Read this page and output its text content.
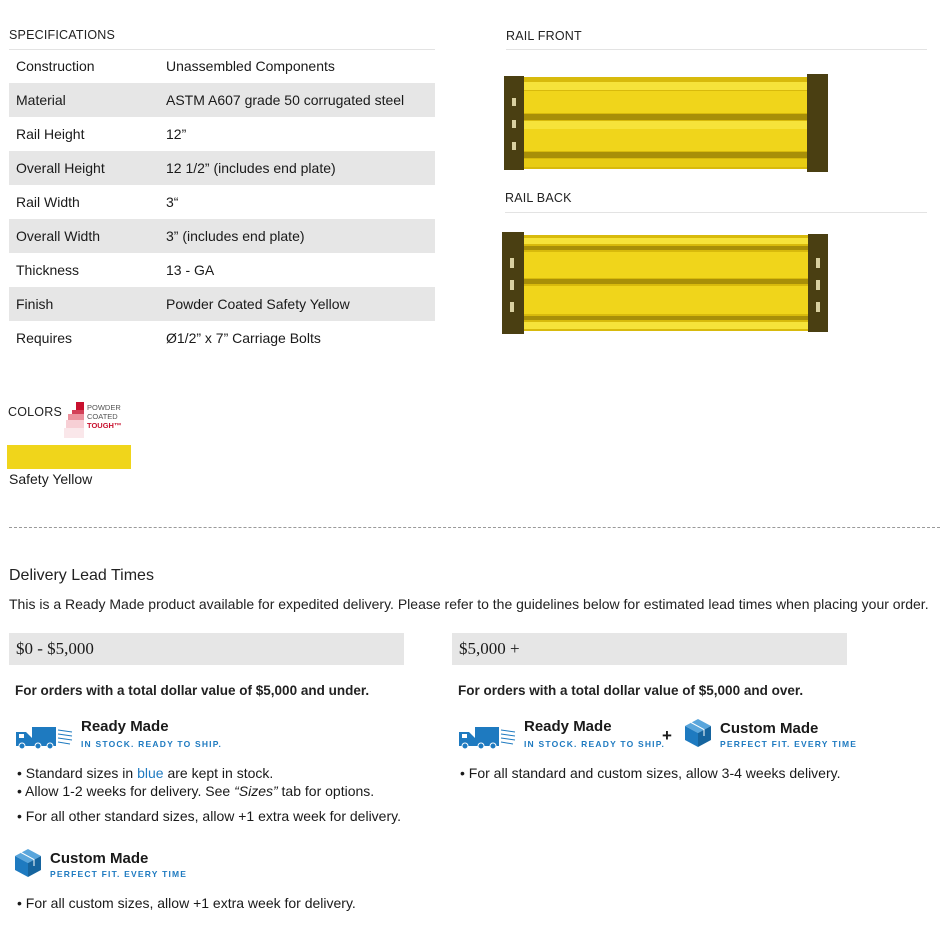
SPECIFICATIONS
Construction	Unassembled Components
Material	ASTM A607 grade 50 corrugated steel
Rail Height	12”
Overall Height	12 1/2” (includes end plate)
Rail Width	3“
Overall Width	3” (includes end plate)
Thickness	13 - GA
Finish	Powder Coated Safety Yellow
Requires	Ø1/2” x 7” Carriage Bolts
RAIL FRONT
RAIL BACK
COLORS	POWDER
COATED
TOUGH™
Safety Yellow
Delivery Lead Times
This is a Ready Made product available for expedited delivery. Please refer to the guidelines below for estimated lead times when placing your order.
$0 - $5,000
For orders with a total dollar value of $5,000 and under.
Ready Made
IN STOCK. READY TO SHIP.
• Standard sizes in blue are kept in stock.
• Allow 1-2 weeks for delivery. See “Sizes” tab for options.
• For all other standard sizes, allow +1 extra week for delivery.
Custom Made
PERFECT FIT. EVERY TIME
• For all custom sizes, allow +1 extra week for delivery.
$5,000 +
For orders with a total dollar value of $5,000 and over.
Ready Made
IN STOCK. READY TO SHIP.
+	Custom Made
PERFECT FIT. EVERY TIME
• For all standard and custom sizes, allow 3-4 weeks delivery.
